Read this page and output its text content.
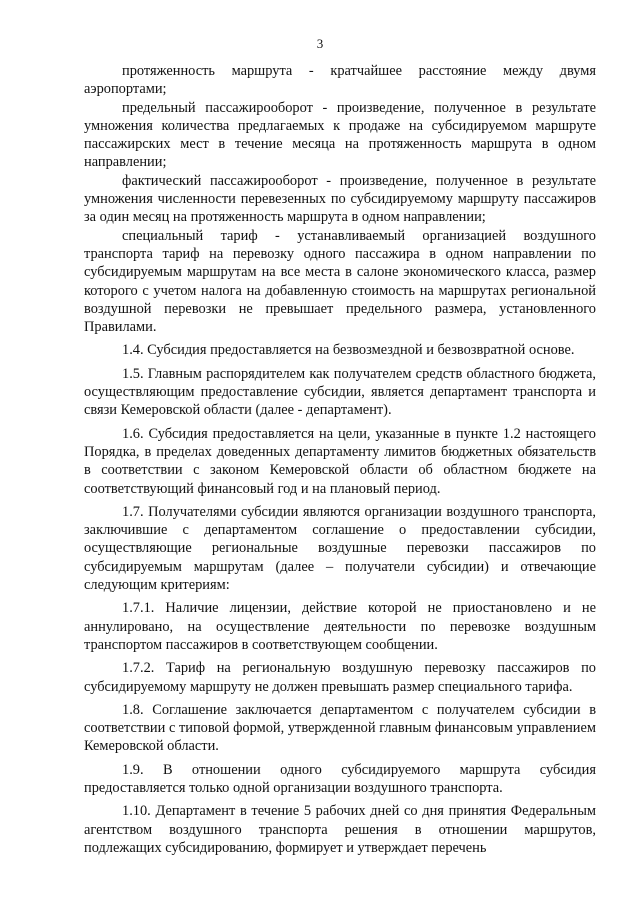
3

протяженность маршрута - кратчайшее расстояние между двумя аэропортами;

предельный пассажирооборот - произведение, полученное в результате умножения количества предлагаемых к продаже на субсидируемом маршруте пассажирских мест в течение месяца на протяженность маршрута в одном направлении;

фактический пассажирооборот - произведение, полученное в результате умножения численности перевезенных по субсидируемому маршруту пассажиров за один месяц на протяженность маршрута в одном направлении;

специальный тариф - устанавливаемый организацией воздушного транспорта тариф на перевозку одного пассажира в одном направлении по субсидируемым маршрутам на все места в салоне экономического класса, размер которого с учетом налога на добавленную стоимость на маршрутах региональной воздушной перевозки не превышает предельного размера, установленного Правилами.

1.4. Субсидия предоставляется на безвозмездной и безвозвратной основе.

1.5. Главным распорядителем как получателем средств областного бюджета, осуществляющим предоставление субсидии, является департамент транспорта и связи Кемеровской области (далее - департамент).

1.6. Субсидия предоставляется на цели, указанные в пункте 1.2 настоящего Порядка, в пределах доведенных департаменту лимитов бюджетных обязательств в соответствии с законом Кемеровской области об областном бюджете на соответствующий финансовый год и на плановый период.

1.7. Получателями субсидии являются организации воздушного транспорта, заключившие с департаментом соглашение о предоставлении субсидии, осуществляющие региональные воздушные перевозки пассажиров по субсидируемым маршрутам (далее – получатели субсидии) и отвечающие следующим критериям:

1.7.1. Наличие лицензии, действие которой не приостановлено и не аннулировано, на осуществление деятельности по перевозке воздушным транспортом пассажиров в соответствующем сообщении.

1.7.2. Тариф на региональную воздушную перевозку пассажиров по субсидируемому маршруту не должен превышать размер специального тарифа.

1.8. Соглашение заключается департаментом с получателем субсидии в соответствии с типовой формой, утвержденной главным финансовым управлением Кемеровской области.

1.9. В отношении одного субсидируемого маршрута субсидия предоставляется только одной организации воздушного транспорта.

1.10. Департамент в течение 5 рабочих дней со дня принятия Федеральным агентством воздушного транспорта решения в отношении маршрутов, подлежащих субсидированию, формирует и утверждает перечень
